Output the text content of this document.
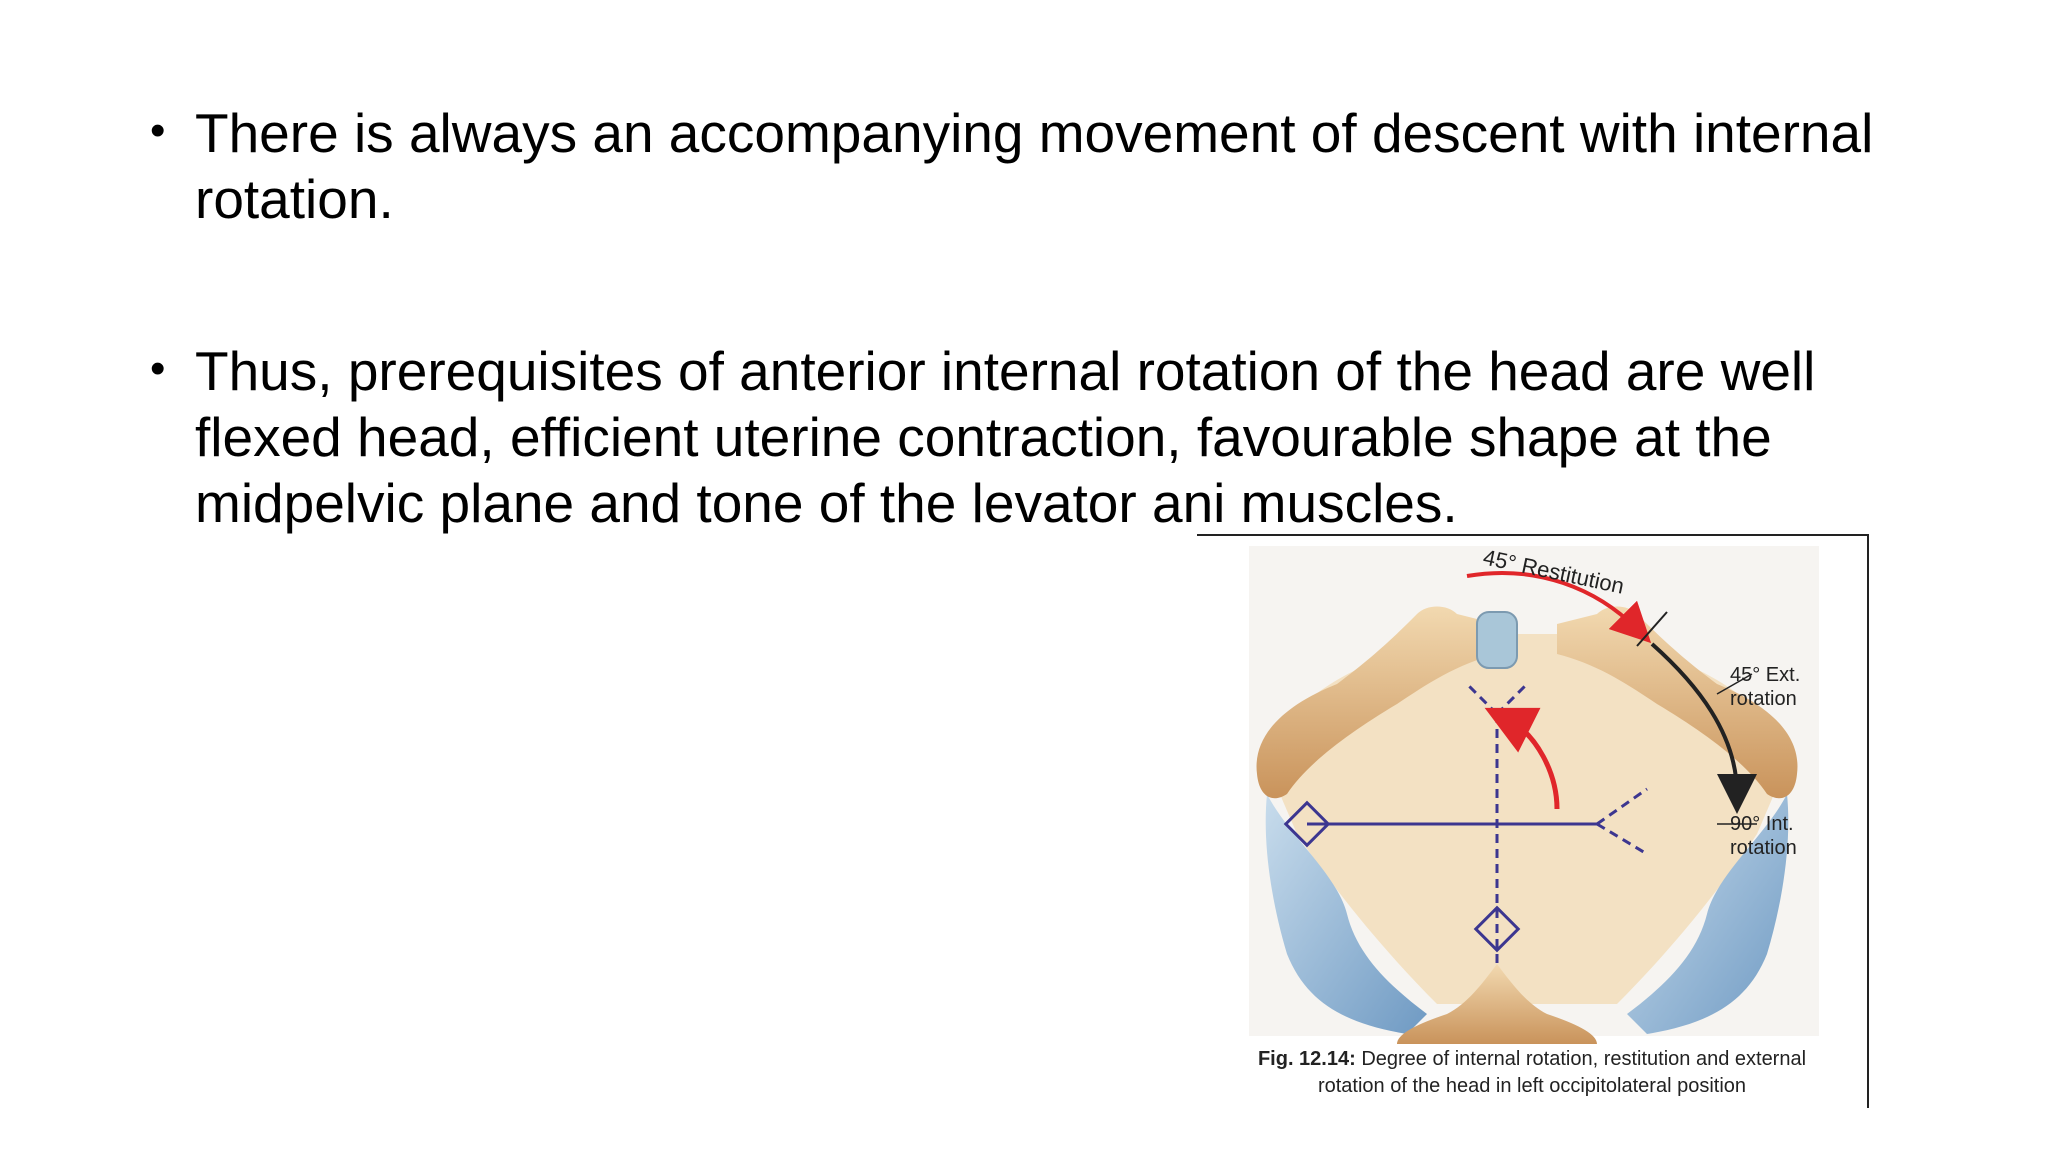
• There is always an accompanying movement of descent with internal rotation.
• Thus, prerequisites of anterior internal rotation of the head are well flexed head, efficient uterine contraction, favourable shape at the midpelvic plane and tone of the levator ani muscles.
45° Restitution
45° Ext.
rotation
90° Int.
rotation
Fig. 12.14: Degree of internal rotation, restitution and external rotation of the head in left occipitolateral position
